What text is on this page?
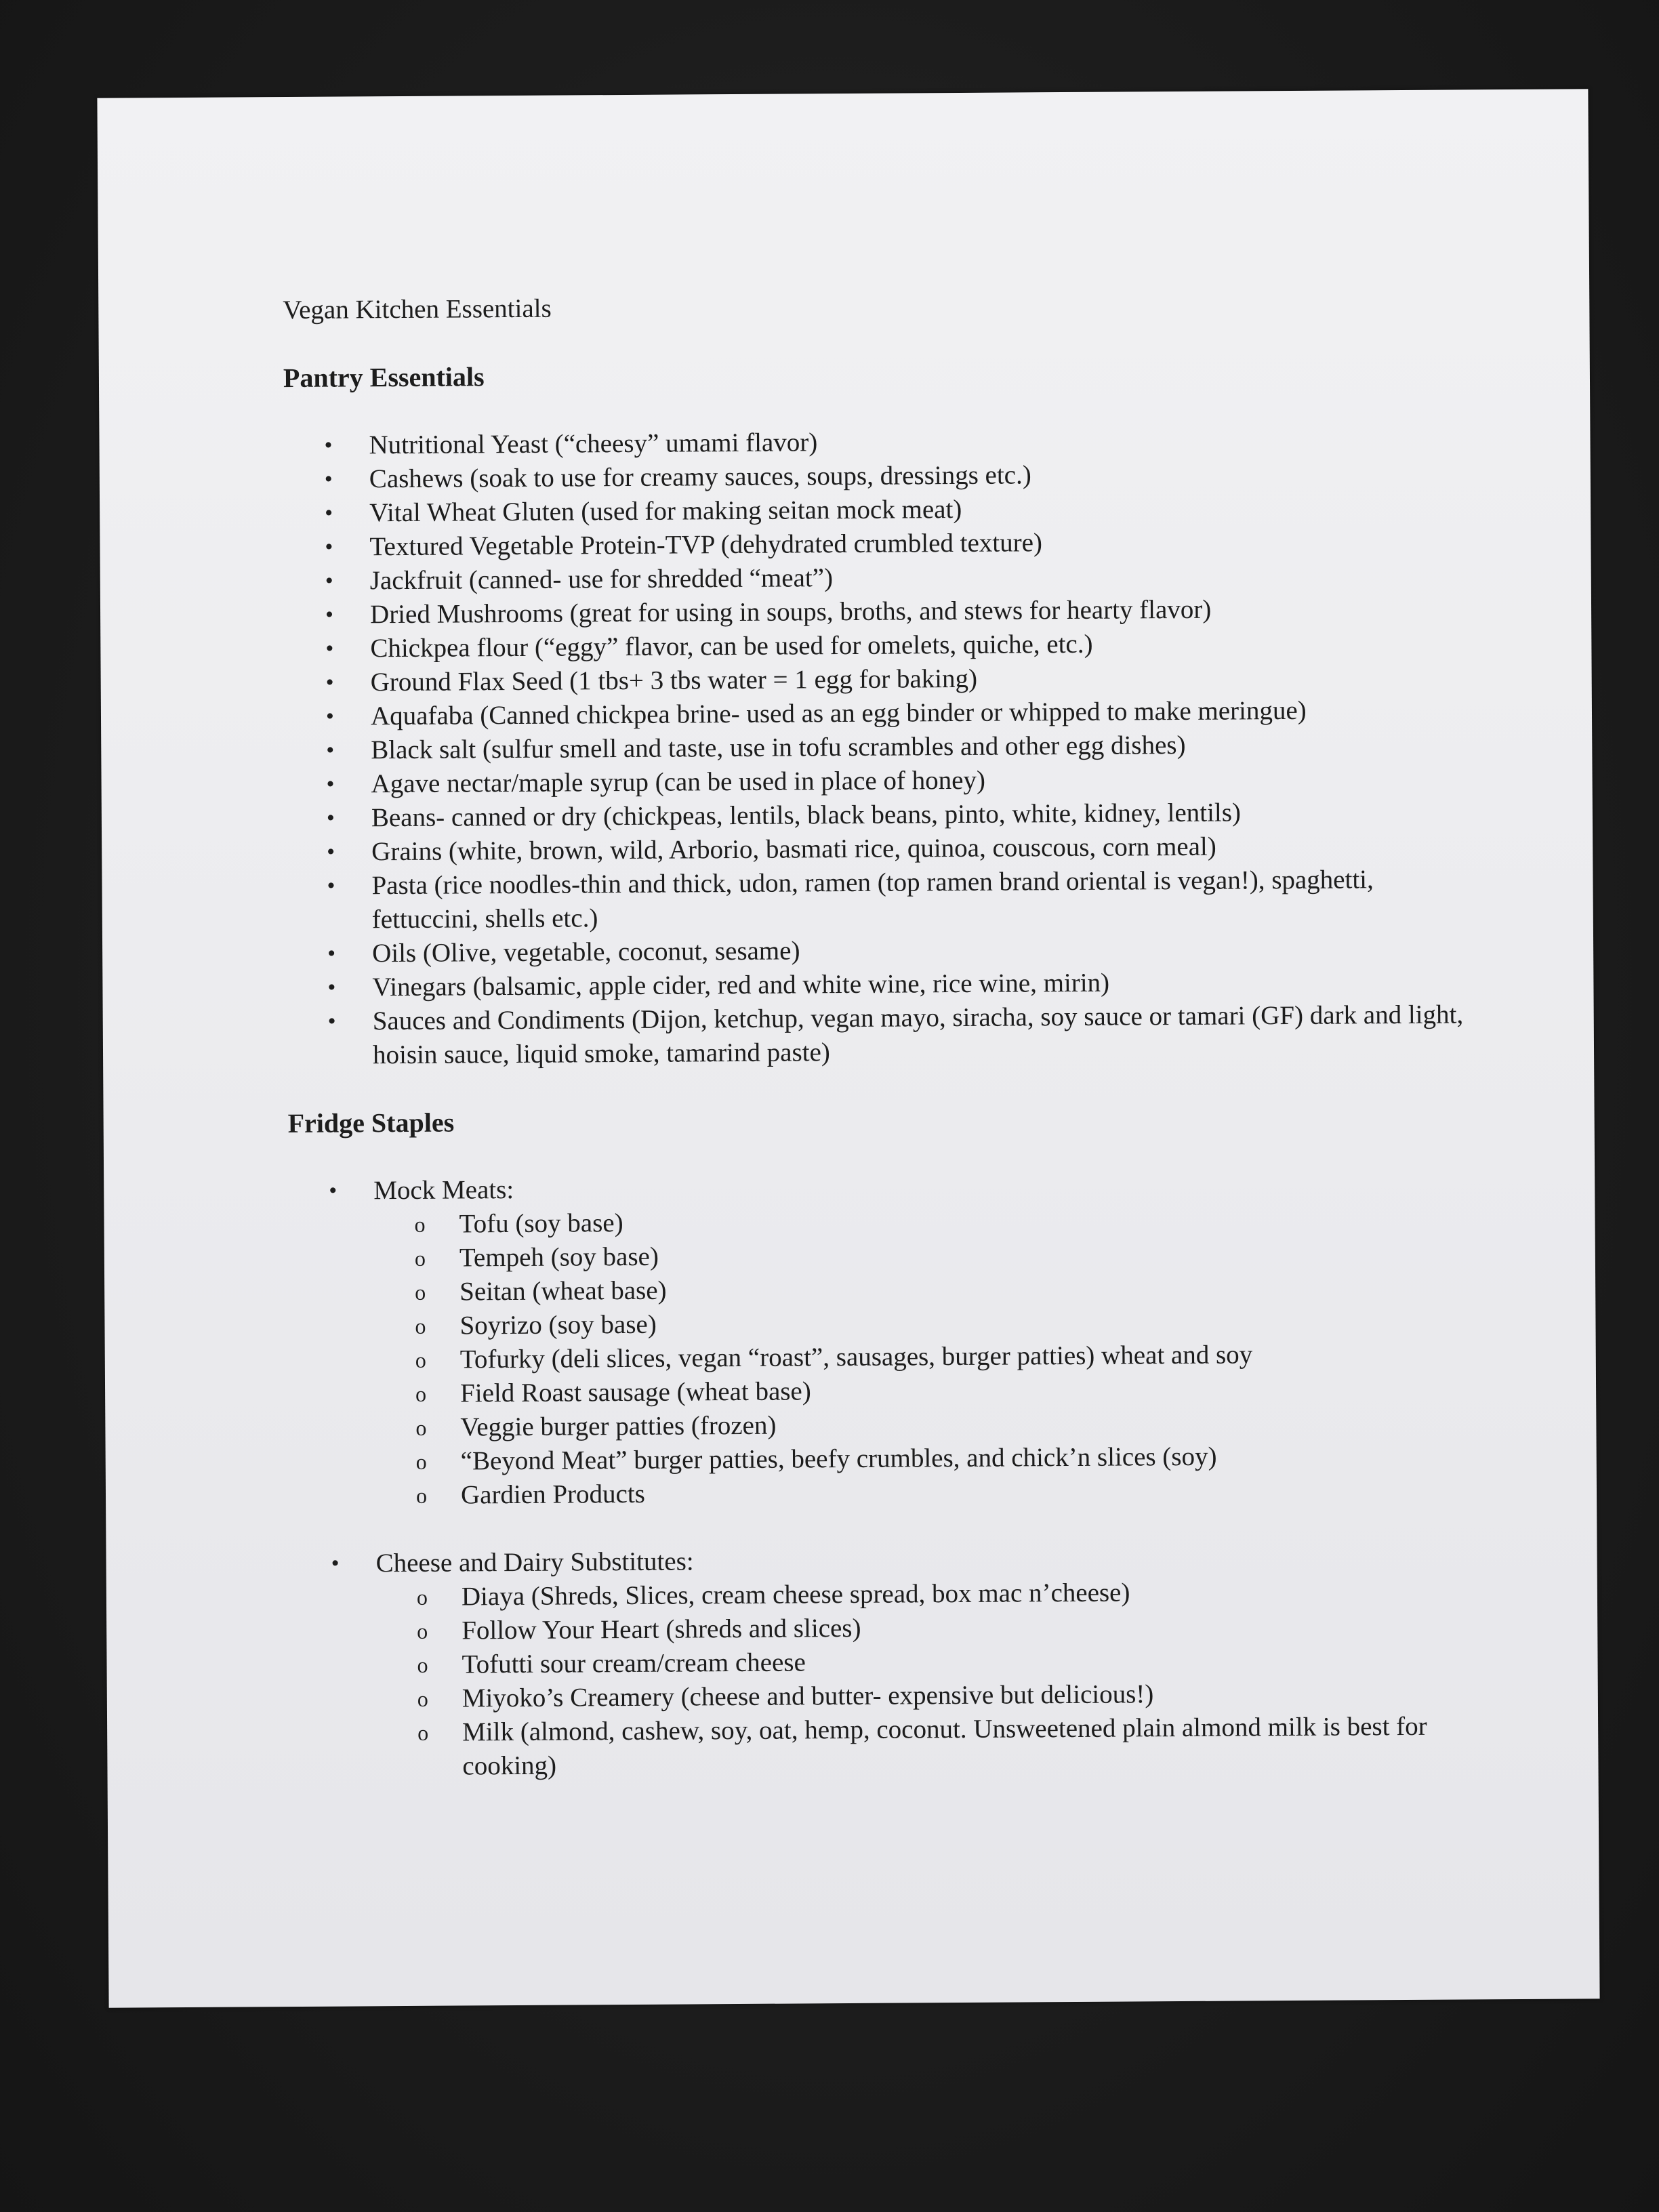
Vegan Kitchen Essentials
Pantry Essentials
• Nutritional Yeast (“cheesy” umami flavor)
• Cashews (soak to use for creamy sauces, soups, dressings etc.)
• Vital Wheat Gluten (used for making seitan mock meat)
• Textured Vegetable Protein-TVP (dehydrated crumbled texture)
• Jackfruit (canned- use for shredded “meat”)
• Dried Mushrooms (great for using in soups, broths, and stews for hearty flavor)
• Chickpea flour (“eggy” flavor, can be used for omelets, quiche, etc.)
• Ground Flax Seed (1 tbs+ 3 tbs water = 1 egg for baking)
• Aquafaba (Canned chickpea brine- used as an egg binder or whipped to make meringue)
• Black salt (sulfur smell and taste, use in tofu scrambles and other egg dishes)
• Agave nectar/maple syrup (can be used in place of honey)
• Beans- canned or dry (chickpeas, lentils, black beans, pinto, white, kidney, lentils)
• Grains (white, brown, wild, Arborio, basmati rice, quinoa, couscous, corn meal)
• Pasta (rice noodles-thin and thick, udon, ramen (top ramen brand oriental is vegan!), spaghetti, fettuccini, shells etc.)
• Oils (Olive, vegetable, coconut, sesame)
• Vinegars (balsamic, apple cider, red and white wine, rice wine, mirin)
• Sauces and Condiments (Dijon, ketchup, vegan mayo, siracha, soy sauce or tamari (GF) dark and light, hoisin sauce, liquid smoke, tamarind paste)
Fridge Staples
• Mock Meats:
o Tofu (soy base)
o Tempeh (soy base)
o Seitan (wheat base)
o Soyrizo (soy base)
o Tofurky (deli slices, vegan “roast”, sausages, burger patties) wheat and soy
o Field Roast sausage (wheat base)
o Veggie burger patties (frozen)
o “Beyond Meat” burger patties, beefy crumbles, and chick’n slices (soy)
o Gardien Products
• Cheese and Dairy Substitutes:
o Diaya (Shreds, Slices, cream cheese spread, box mac n’cheese)
o Follow Your Heart (shreds and slices)
o Tofutti sour cream/cream cheese
o Miyoko’s Creamery (cheese and butter- expensive but delicious!)
o Milk (almond, cashew, soy, oat, hemp, coconut. Unsweetened plain almond milk is best for cooking)
